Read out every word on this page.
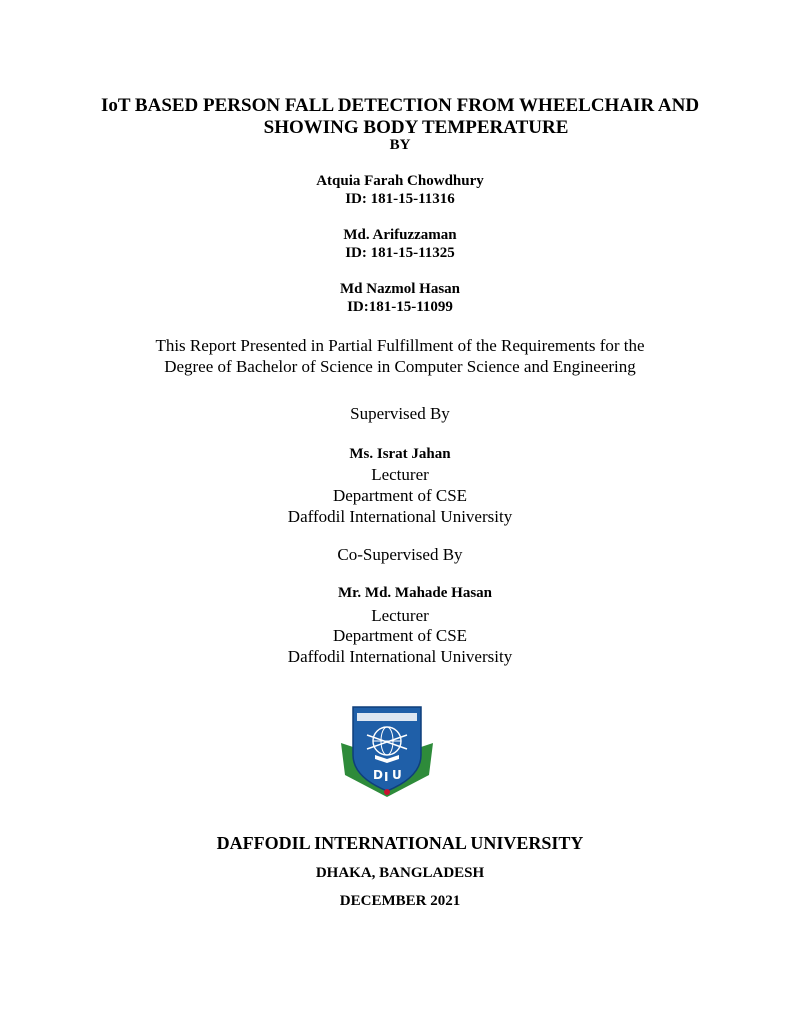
IoT BASED PERSON FALL DETECTION FROM WHEELCHAIR AND
SHOWING BODY TEMPERATURE
BY
Atquia Farah Chowdhury
ID: 181-15-11316
Md. Arifuzzaman
ID: 181-15-11325
Md Nazmol Hasan
ID:181-15-11099
This Report Presented in Partial Fulfillment of the Requirements for the
Degree of Bachelor of Science in Computer Science and Engineering
Supervised By
Ms. Israt Jahan
Lecturer
Department of CSE
Daffodil International University
Co-Supervised By
Mr. Md. Mahade Hasan
Lecturer
Department of CSE
Daffodil International University
D I U
DAFFODIL INTERNATIONAL UNIVERSITY
DHAKA, BANGLADESH
DECEMBER 2021
